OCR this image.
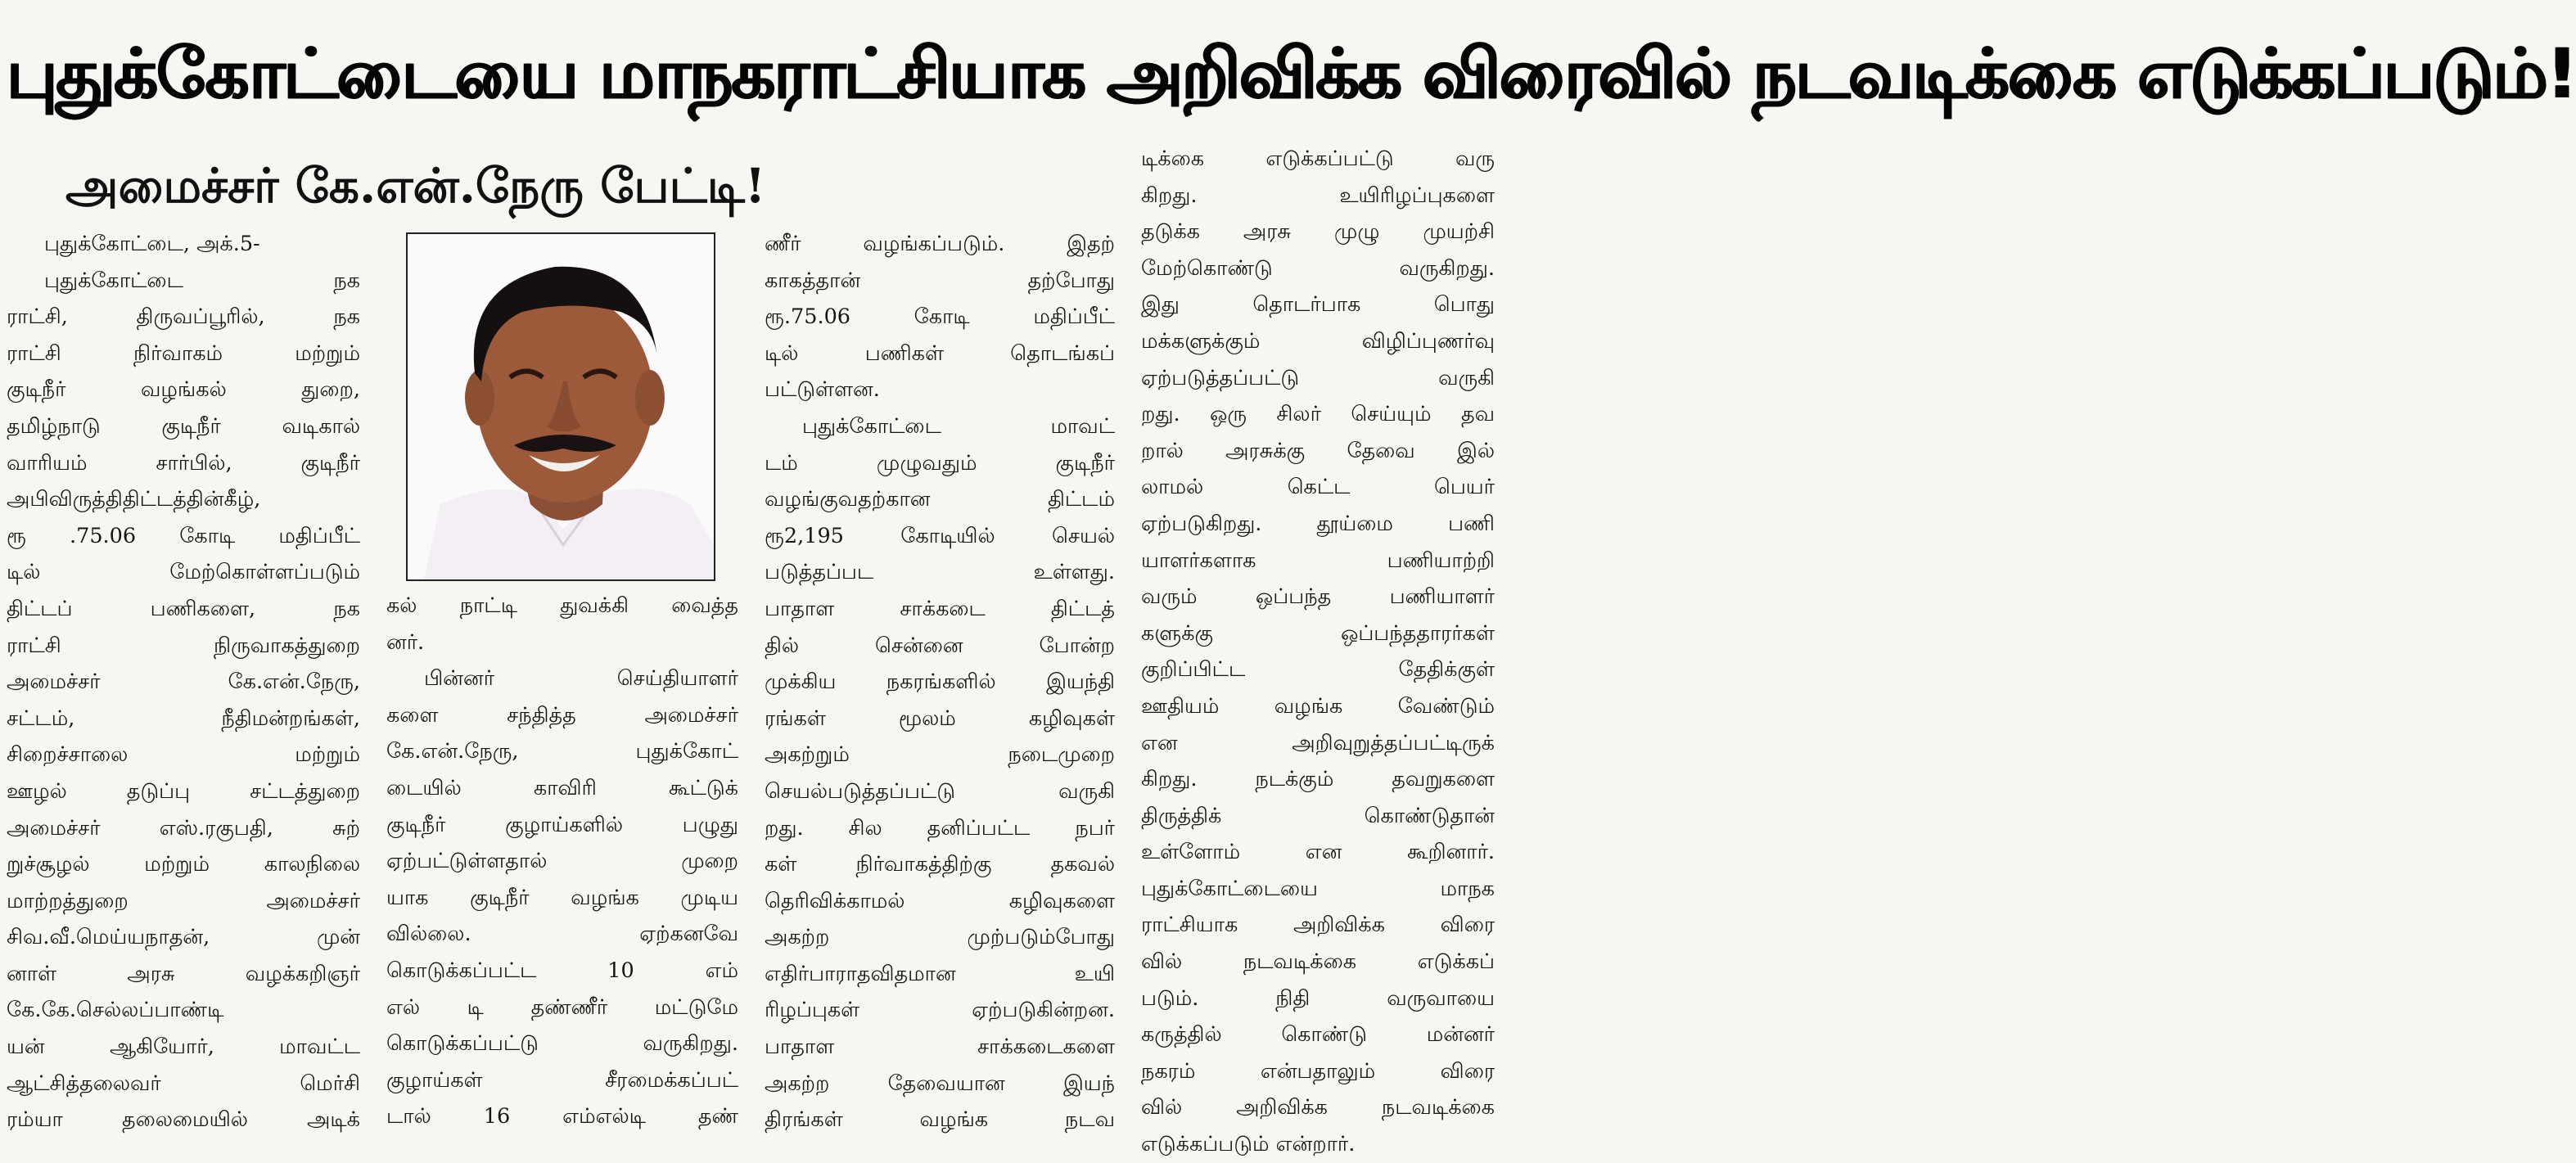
புதுக்கோட்டையை மாநகராட்சியாக அறிவிக்க விரைவில் நடவடிக்கை எடுக்கப்படும்!
அமைச்சர் கே.என்.நேரு பேட்டி!
புதுக்கோட்டை, அக்.5-
புதுக்கோட்டை நக
ராட்சி, திருவப்பூரில், நக
ராட்சி நிர்வாகம் மற்றும்
குடிநீர் வழங்கல் துறை,
தமிழ்நாடு குடிநீர் வடிகால்
வாரியம் சார்பில், குடிநீர்
அபிவிருத்திதிட்டத்தின்கீழ்,
ரூ .75.06 கோடி மதிப்பீட்
டில் மேற்கொள்ளப்படும்
திட்டப் பணிகளை, நக
ராட்சி நிருவாகத்துறை
அமைச்சர் கே.என்.நேரு,
சட்டம், நீதிமன்றங்கள்,
சிறைச்சாலை மற்றும்
ஊழல் தடுப்பு சட்டத்துறை
அமைச்சர் எஸ்.ரகுபதி, சுற்
றுச்சூழல் மற்றும் காலநிலை
மாற்றத்துறை அமைச்சர்
சிவ.வீ.மெய்யநாதன், முன்
னாள் அரசு வழக்கறிஞர்
கே.கே.செல்லப்பாண்டி
யன் ஆகியோர், மாவட்ட
ஆட்சித்தலைவர் மெர்சி
ரம்யா தலைமையில் அடிக்
கல் நாட்டி துவக்கி வைத்த
னர்.
பின்னர் செய்தியாளர்
களை சந்தித்த அமைச்சர்
கே.என்.நேரு, புதுக்கோட்
டையில் காவிரி கூட்டுக்
குடிநீர் குழாய்களில் பழுது
ஏற்பட்டுள்ளதால் முறை
யாக குடிநீர் வழங்க முடிய
வில்லை. ஏற்கனவே
கொடுக்கப்பட்ட 10 எம்
எல் டி தண்ணீர் மட்டுமே
கொடுக்கப்பட்டு வருகிறது.
குழாய்கள் சீரமைக்கப்பட்
டால் 16 எம்எல்டி தண்
ணீர் வழங்கப்படும். இதற்
காகத்தான் தற்போது
ரூ.75.06 கோடி மதிப்பீட்
டில் பணிகள் தொடங்கப்
பட்டுள்ளன.
புதுக்கோட்டை மாவட்
டம் முழுவதும் குடிநீர்
வழங்குவதற்கான திட்டம்
ரூ2,195 கோடியில் செயல்
படுத்தப்பட உள்ளது.
பாதாள சாக்கடை திட்டத்
தில் சென்னை போன்ற
முக்கிய நகரங்களில் இயந்தி
ரங்கள் மூலம் கழிவுகள்
அகற்றும் நடைமுறை
செயல்படுத்தப்பட்டு வருகி
றது. சில தனிப்பட்ட நபர்
கள் நிர்வாகத்திற்கு தகவல்
தெரிவிக்காமல் கழிவுகளை
அகற்ற முற்படும்போது
எதிர்பாராதவிதமான உயி
ரிழப்புகள் ஏற்படுகின்றன.
பாதாள சாக்கடைகளை
அகற்ற தேவையான இயந்
திரங்கள் வழங்க நடவ
டிக்கை எடுக்கப்பட்டு வரு
கிறது. உயிரிழப்புகளை
தடுக்க அரசு முழு முயற்சி
மேற்கொண்டு வருகிறது.
இது தொடர்பாக பொது
மக்களுக்கும் விழிப்புணர்வு
ஏற்படுத்தப்பட்டு வருகி
றது. ஒரு சிலர் செய்யும் தவ
றால் அரசுக்கு தேவை இல்
லாமல் கெட்ட பெயர்
ஏற்படுகிறது. தூய்மை பணி
யாளர்களாக பணியாற்றி
வரும் ஒப்பந்த பணியாளர்
களுக்கு ஒப்பந்ததாரர்கள்
குறிப்பிட்ட தேதிக்குள்
ஊதியம் வழங்க வேண்டும்
என அறிவுறுத்தப்பட்டிருக்
கிறது. நடக்கும் தவறுகளை
திருத்திக் கொண்டுதான்
உள்ளோம் என கூறினார்.
புதுக்கோட்டையை மாநக
ராட்சியாக அறிவிக்க விரை
வில் நடவடிக்கை எடுக்கப்
படும். நிதி வருவாயை
கருத்தில் கொண்டு மன்னர்
நகரம் என்பதாலும் விரை
வில் அறிவிக்க நடவடிக்கை
எடுக்கப்படும் என்றார்.
